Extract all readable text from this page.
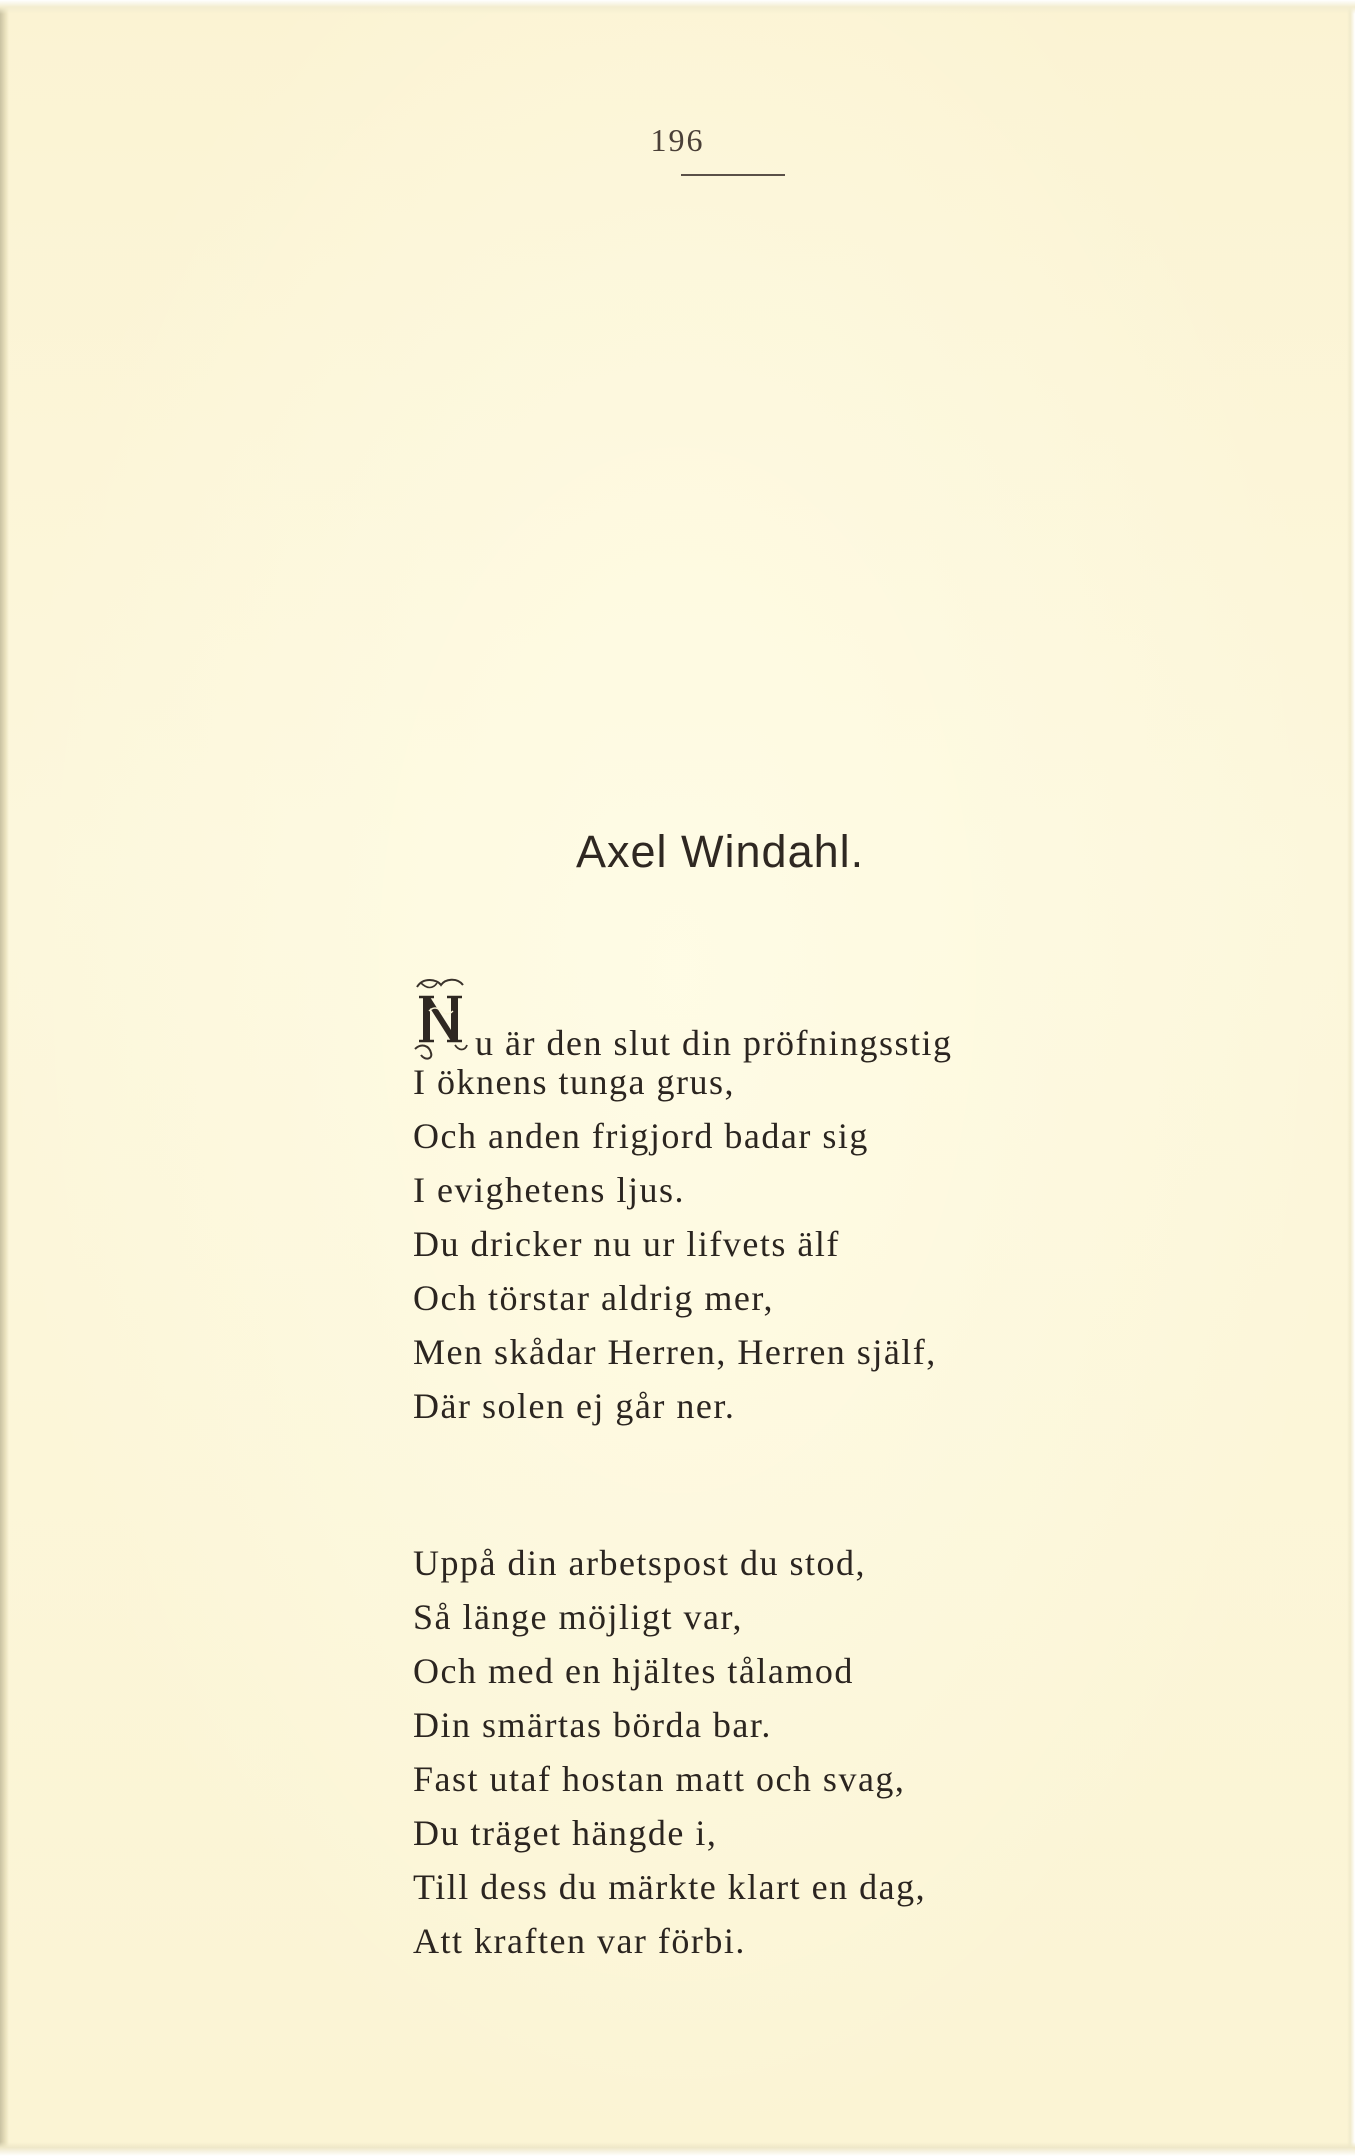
196
Axel Windahl.
u är den slut din pröfningsstig
I öknens tunga grus,
Och anden frigjord badar sig
I evighetens ljus.
Du dricker nu ur lifvets älf
Och törstar aldrig mer,
Men skådar Herren, Herren själf,
Där solen ej går ner.
Uppå din arbetspost du stod,
Så länge möjligt var,
Och med en hjältes tålamod
Din smärtas börda bar.
Fast utaf hostan matt och svag,
Du träget hängde i,
Till dess du märkte klart en dag,
Att kraften var förbi.
